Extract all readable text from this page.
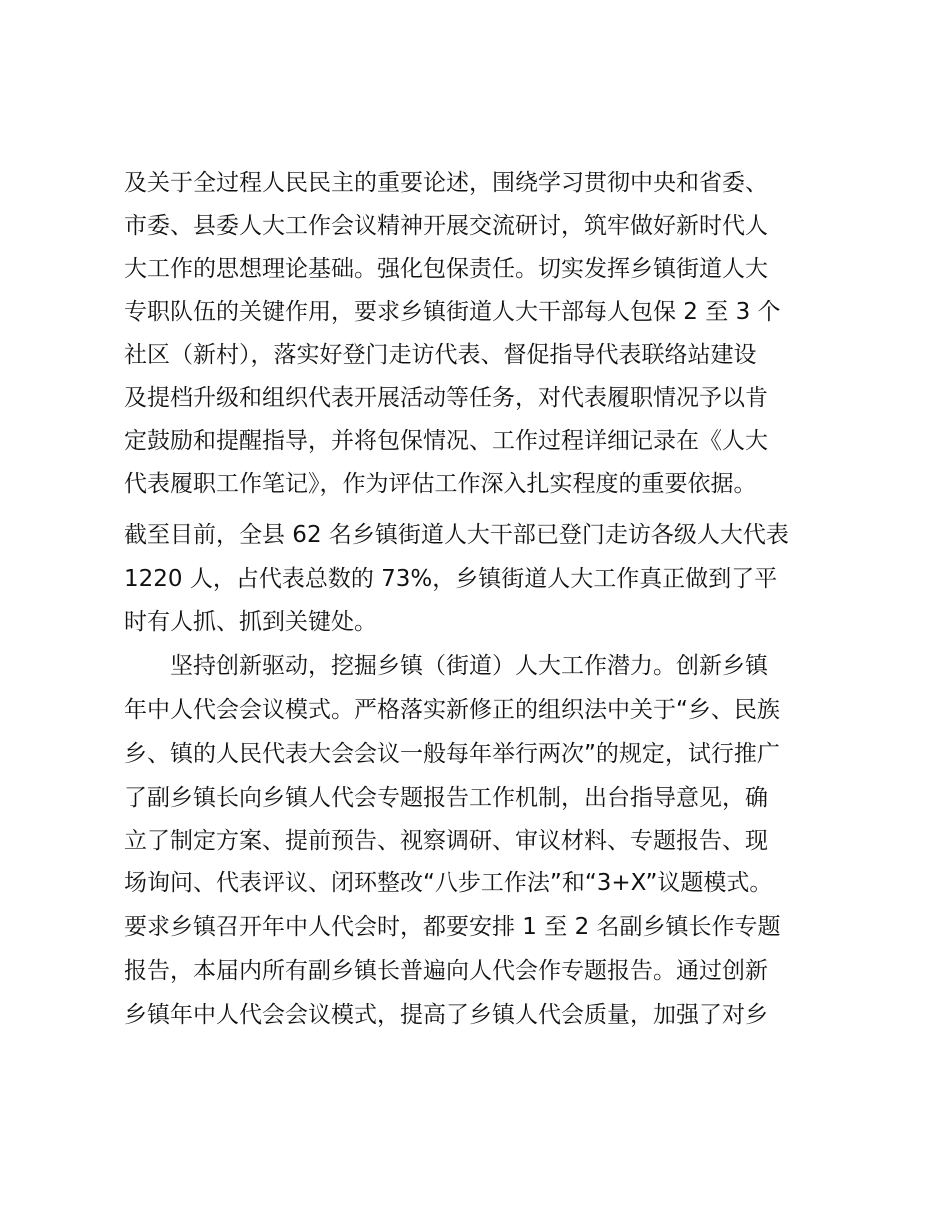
及关于全过程人民民主的重要论述，围绕学习贯彻中央和省委、
市委、县委人大工作会议精神开展交流研讨，筑牢做好新时代人
大工作的思想理论基础。强化包保责任。切实发挥乡镇街道人大
专职队伍的关键作用，要求乡镇街道人大干部每人包保 2 至 3 个
社区（新村），落实好登门走访代表、督促指导代表联络站建设
及提档升级和组织代表开展活动等任务，对代表履职情况予以肯
定鼓励和提醒指导，并将包保情况、工作过程详细记录在《人大
代表履职工作笔记》，作为评估工作深入扎实程度的重要依据。
截至目前，全县 62 名乡镇街道人大干部已登门走访各级人大代表
1220 人，占代表总数的 73%，乡镇街道人大工作真正做到了平
时有人抓、抓到关键处。
坚持创新驱动，挖掘乡镇（街道）人大工作潜力。创新乡镇
年中人代会会议模式。严格落实新修正的组织法中关于“乡、民族
乡、镇的人民代表大会会议一般每年举行两次”的规定，试行推广
了副乡镇长向乡镇人代会专题报告工作机制，出台指导意见，确
立了制定方案、提前预告、视察调研、审议材料、专题报告、现
场询问、代表评议、闭环整改“八步工作法”和“3+X”议题模式。
要求乡镇召开年中人代会时，都要安排 1 至 2 名副乡镇长作专题
报告，本届内所有副乡镇长普遍向人代会作专题报告。通过创新
乡镇年中人代会会议模式，提高了乡镇人代会质量，加强了对乡
